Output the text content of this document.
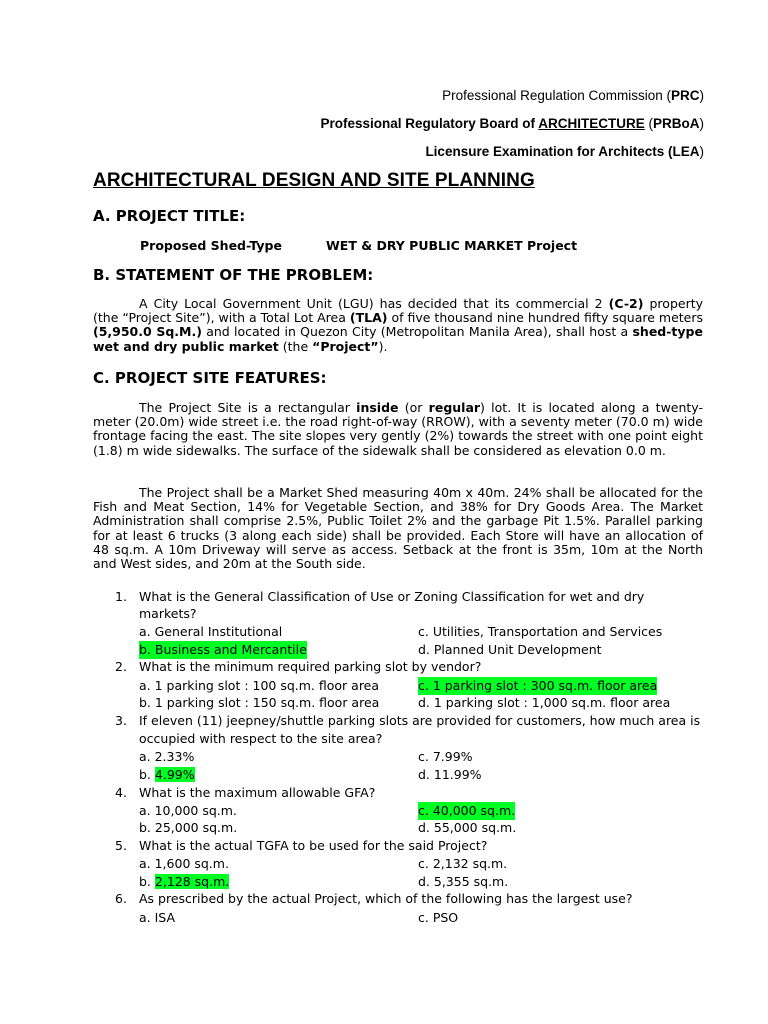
Professional Regulation Commission (PRC)
Professional Regulatory Board of ARCHITECTURE (PRBoA)
Licensure Examination for Architects (LEA)
ARCHITECTURAL DESIGN AND SITE PLANNING
A. PROJECT TITLE:
Proposed Shed-Type	WET & DRY PUBLIC MARKET Project
B. STATEMENT OF THE PROBLEM:
A City Local Government Unit (LGU) has decided that its commercial 2 (C-2) property (the “Project Site”), with a Total Lot Area (TLA) of five thousand nine hundred fifty square meters (5,950.0 Sq.M.) and located in Quezon City (Metropolitan Manila Area), shall host a shed-type wet and dry public market (the “Project”).
C. PROJECT SITE FEATURES:
The Project Site is a rectangular inside (or regular) lot. It is located along a twenty-meter (20.0m) wide street i.e. the road right-of-way (RROW), with a seventy meter (70.0 m) wide frontage facing the east. The site slopes very gently (2%) towards the street with one point eight (1.8) m wide sidewalks. The surface of the sidewalk shall be considered as elevation 0.0 m.
The Project shall be a Market Shed measuring 40m x 40m. 24% shall be allocated for the Fish and Meat Section, 14% for Vegetable Section, and 38% for Dry Goods Area. The Market Administration shall comprise 2.5%, Public Toilet 2% and the garbage Pit 1.5%. Parallel parking for at least 6 trucks (3 along each side) shall be provided. Each Store will have an allocation of 48 sq.m. A 10m Driveway will serve as access. Setback at the front is 35m, 10m at the North and West sides, and 20m at the South side.
1. What is the General Classification of Use or Zoning Classification for wet and dry
markets?
a. General Institutional	c. Utilities, Transportation and Services
b. Business and Mercantile	d. Planned Unit Development
2. What is the minimum required parking slot by vendor?
a. 1 parking slot : 100 sq.m. floor area	c. 1 parking slot : 300 sq.m. floor area
b. 1 parking slot : 150 sq.m. floor area	d. 1 parking slot : 1,000 sq.m. floor area
3. If eleven (11) jeepney/shuttle parking slots are provided for customers, how much area is
occupied with respect to the site area?
a. 2.33%	c. 7.99%
b. 4.99%	d. 11.99%
4. What is the maximum allowable GFA?
a. 10,000 sq.m.	c. 40,000 sq.m.
b. 25,000 sq.m.	d. 55,000 sq.m.
5. What is the actual TGFA to be used for the said Project?
a. 1,600 sq.m.	c. 2,132 sq.m.
b. 2,128 sq.m.	d. 5,355 sq.m.
6. As prescribed by the actual Project, which of the following has the largest use?
a. ISA	c. PSO
